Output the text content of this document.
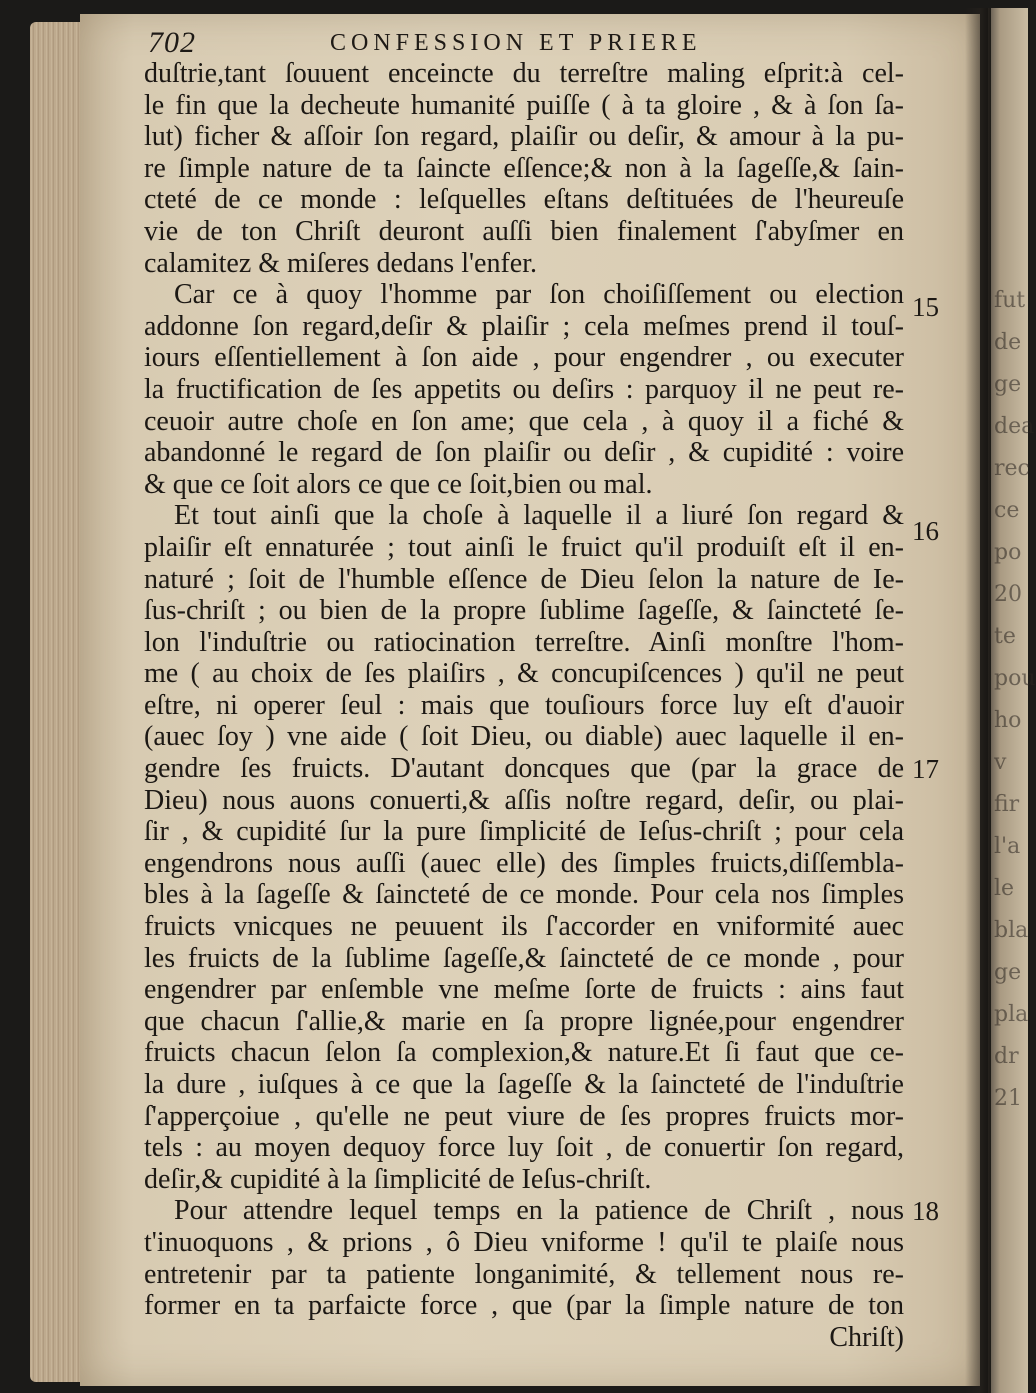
fut
de
ge
dea
rec
ce
po
20
te
pou
ho
v
fir
l'a
le
bla
ge
pla
dr
21
702	CONFESSION ET PRIERE
duſtrie,tant ſouuent enceincte du terreſtre maling eſprit:à cel-
le fin que la decheute humanité puiſſe ( à ta gloire , & à ſon ſa-
lut) ficher & aſſoir ſon regard, plaiſir ou deſir, & amour à la pu-
re ſimple nature de ta ſaincte eſſence;& non à la ſageſſe,& ſain-
cteté de ce monde : leſquelles eſtans deſtituées de l'heureuſe
vie de ton Chriſt deuront auſſi bien finalement ſ'abyſmer en
calamitez & miſeres dedans l'enfer.
Car ce à quoy l'homme par ſon choiſiſſement ou election
addonne ſon regard,deſir & plaiſir ; cela meſmes prend il touſ-
iours eſſentiellement à ſon aide , pour engendrer , ou executer
la fructification de ſes appetits ou deſirs : parquoy il ne peut re-
ceuoir autre choſe en ſon ame; que cela , à quoy il a fiché &
abandonné le regard de ſon plaiſir ou deſir , & cupidité : voire
& que ce ſoit alors ce que ce ſoit,bien ou mal.
Et tout ainſi que la choſe à laquelle il a liuré ſon regard &
plaiſir eſt ennaturée ; tout ainſi le fruict qu'il produiſt eſt il en-
naturé ; ſoit de l'humble eſſence de Dieu ſelon la nature de Ie-
ſus-chriſt ; ou bien de la propre ſublime ſageſſe, & ſaincteté ſe-
lon l'induſtrie ou ratiocination terreſtre. Ainſi monſtre l'hom-
me ( au choix de ſes plaiſirs , & concupiſcences ) qu'il ne peut
eſtre, ni operer ſeul : mais que touſiours force luy eſt d'auoir
(auec ſoy ) vne aide ( ſoit Dieu, ou diable) auec laquelle il en-
gendre ſes fruicts. D'autant doncques que (par la grace de
Dieu) nous auons conuerti,& aſſis noſtre regard, deſir, ou plai-
ſir , & cupidité ſur la pure ſimplicité de Ieſus-chriſt ; pour cela
engendrons nous auſſi (auec elle) des ſimples fruicts,diſſembla-
bles à la ſageſſe & ſaincteté de ce monde. Pour cela nos ſimples
fruicts vnicques ne peuuent ils ſ'accorder en vniformité auec
les fruicts de la ſublime ſageſſe,& ſaincteté de ce monde , pour
engendrer par enſemble vne meſme ſorte de fruicts : ains faut
que chacun ſ'allie,& marie en ſa propre lignée,pour engendrer
fruicts chacun ſelon ſa complexion,& nature.Et ſi faut que ce-
la dure , iuſques à ce que la ſageſſe & la ſaincteté de l'induſtrie
ſ'apperçoiue , qu'elle ne peut viure de ſes propres fruicts mor-
tels : au moyen dequoy force luy ſoit , de conuertir ſon regard,
deſir,& cupidité à la ſimplicité de Ieſus-chriſt.
Pour attendre lequel temps en la patience de Chriſt , nous
t'inuoquons , & prions , ô Dieu vniforme ! qu'il te plaiſe nous
entretenir par ta patiente longanimité, & tellement nous re-
former en ta parfaicte force , que (par la ſimple nature de ton
Chriſt)
15
16
17
18
